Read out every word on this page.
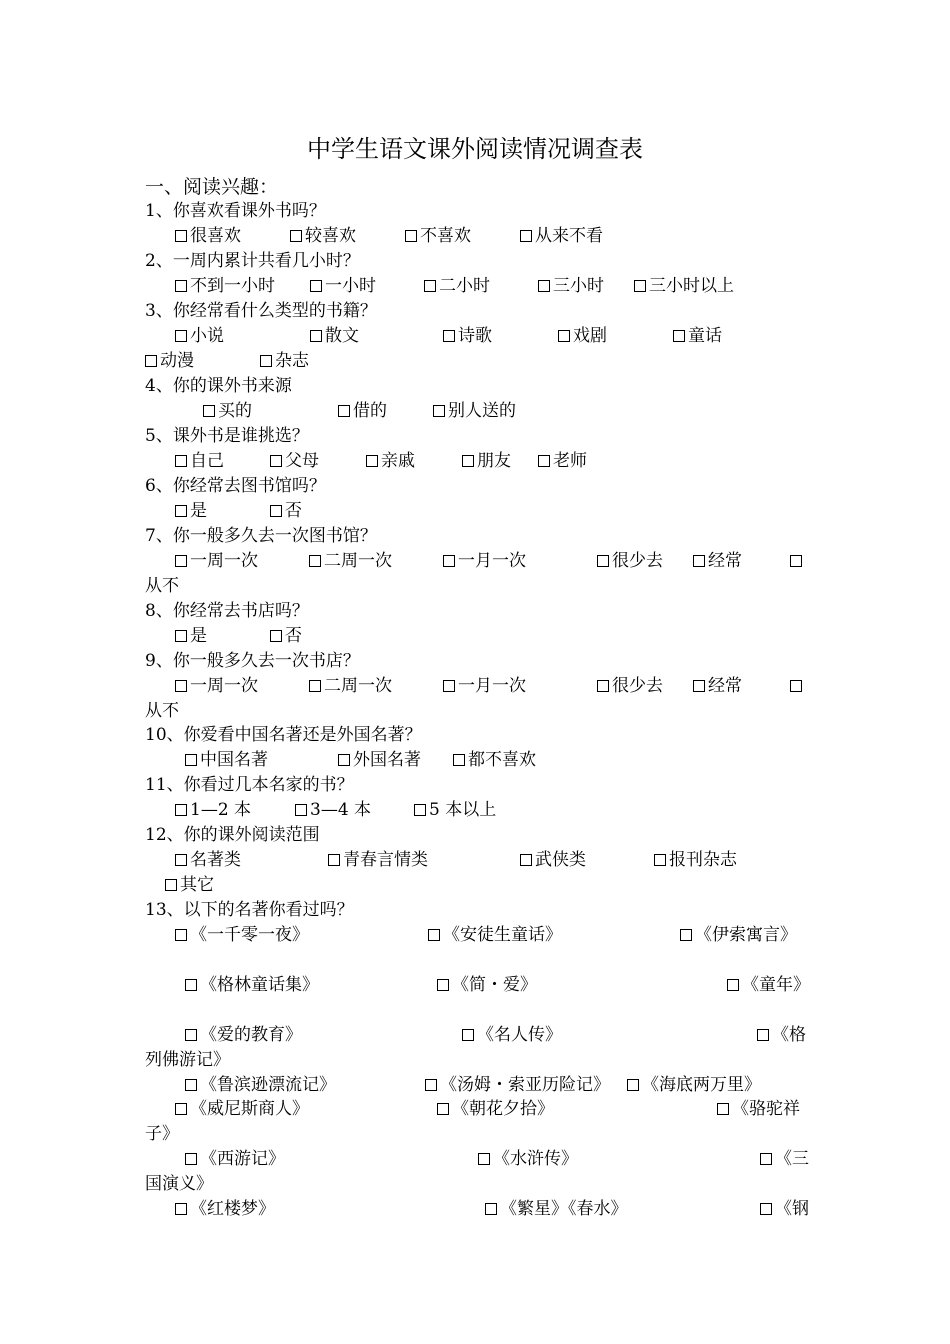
中学生语文课外阅读情况调查表
一、阅读兴趣：
1、你喜欢看课外书吗？
很喜欢	较喜欢	不喜欢	从来不看
2、一周内累计共看几小时？
不到一小时	一小时	二小时	三小时	三小时以上
3、你经常看什么类型的书籍？
小说	散文	诗歌	戏剧	童话
动漫	杂志
4、你的课外书来源
买的	借的	别人送的
5、课外书是谁挑选？
自己	父母	亲戚	朋友	老师
6、你经常去图书馆吗？
是	否
7、你一般多久去一次图书馆？
一周一次	二周一次	一月一次	很少去	经常
从不
8、你经常去书店吗？
是	否
9、你一般多久去一次书店？
一周一次	二周一次	一月一次	很少去	经常
从不
10、你爱看中国名著还是外国名著？
中国名著	外国名著	都不喜欢
11、你看过几本名家的书？
1—2 本	3—4 本	5 本以上
12、你的课外阅读范围
名著类	青春言情类	武侠类	报刊杂志
其它
13、以下的名著你看过吗？
《一千零一夜》	《安徒生童话》	《伊索寓言》
《格林童话集》	《简・爱》	《童年》
《爱的教育》	《名人传》	《格
列佛游记》
《鲁滨逊漂流记》	《汤姆・索亚历险记》	《海底两万里》
《威尼斯商人》	《朝花夕拾》	《骆驼祥
子》
《西游记》	《水浒传》	《三
国演义》
《红楼梦》	《繁星》《春水》	《钢
